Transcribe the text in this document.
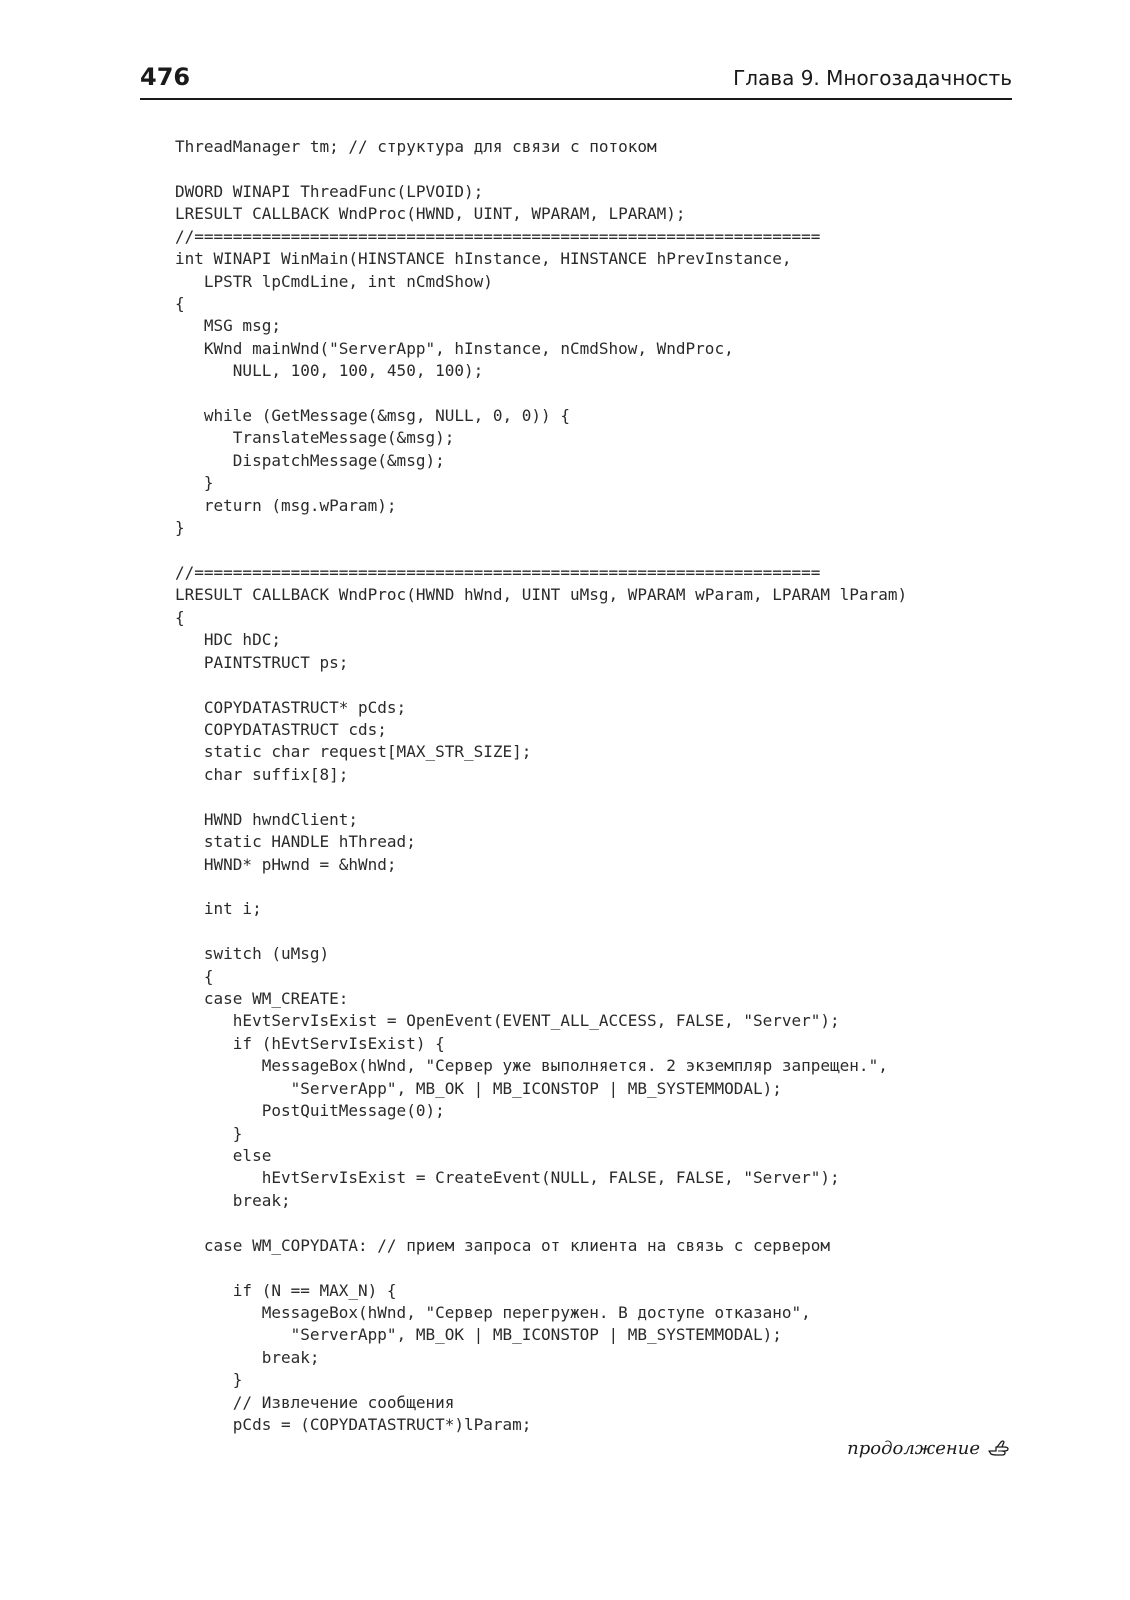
476	Глава 9. Многозадачность
ThreadManager tm; // структура для связи с потоком
DWORD WINAPI ThreadFunc(LPVOID);
LRESULT CALLBACK WndProc(HWND, UINT, WPARAM, LPARAM);
//=================================================================
int WINAPI WinMain(HINSTANCE hInstance, HINSTANCE hPrevInstance,
LPSTR lpCmdLine, int nCmdShow)
{
MSG msg;
KWnd mainWnd("ServerApp", hInstance, nCmdShow, WndProc,
NULL, 100, 100, 450, 100);
while (GetMessage(&msg, NULL, 0, 0)) {
TranslateMessage(&msg);
DispatchMessage(&msg);
}
return (msg.wParam);
}
//=================================================================
LRESULT CALLBACK WndProc(HWND hWnd, UINT uMsg, WPARAM wParam, LPARAM lParam)
{
HDC hDC;
PAINTSTRUCT ps;
COPYDATASTRUCT* pCds;
COPYDATASTRUCT cds;
static char request[MAX_STR_SIZE];
char suffix[8];
HWND hwndClient;
static HANDLE hThread;
HWND* pHwnd = &hWnd;
int i;
switch (uMsg)
{
case WM_CREATE:
hEvtServIsExist = OpenEvent(EVENT_ALL_ACCESS, FALSE, "Server");
if (hEvtServIsExist) {
MessageBox(hWnd, "Сервер уже выполняется. 2 экземпляр запрещен.",
"ServerApp", MB_OK | MB_ICONSTOP | MB_SYSTEMMODAL);
PostQuitMessage(0);
}
else
hEvtServIsExist = CreateEvent(NULL, FALSE, FALSE, "Server");
break;
case WM_COPYDATA: // прием запроса от клиента на связь с сервером
if (N == MAX_N) {
MessageBox(hWnd, "Сервер перегружен. В доступе отказано",
"ServerApp", MB_OK | MB_ICONSTOP | MB_SYSTEMMODAL);
break;
}
// Извлечение сообщения
pCds = (COPYDATASTRUCT*)lParam;
продолжение
